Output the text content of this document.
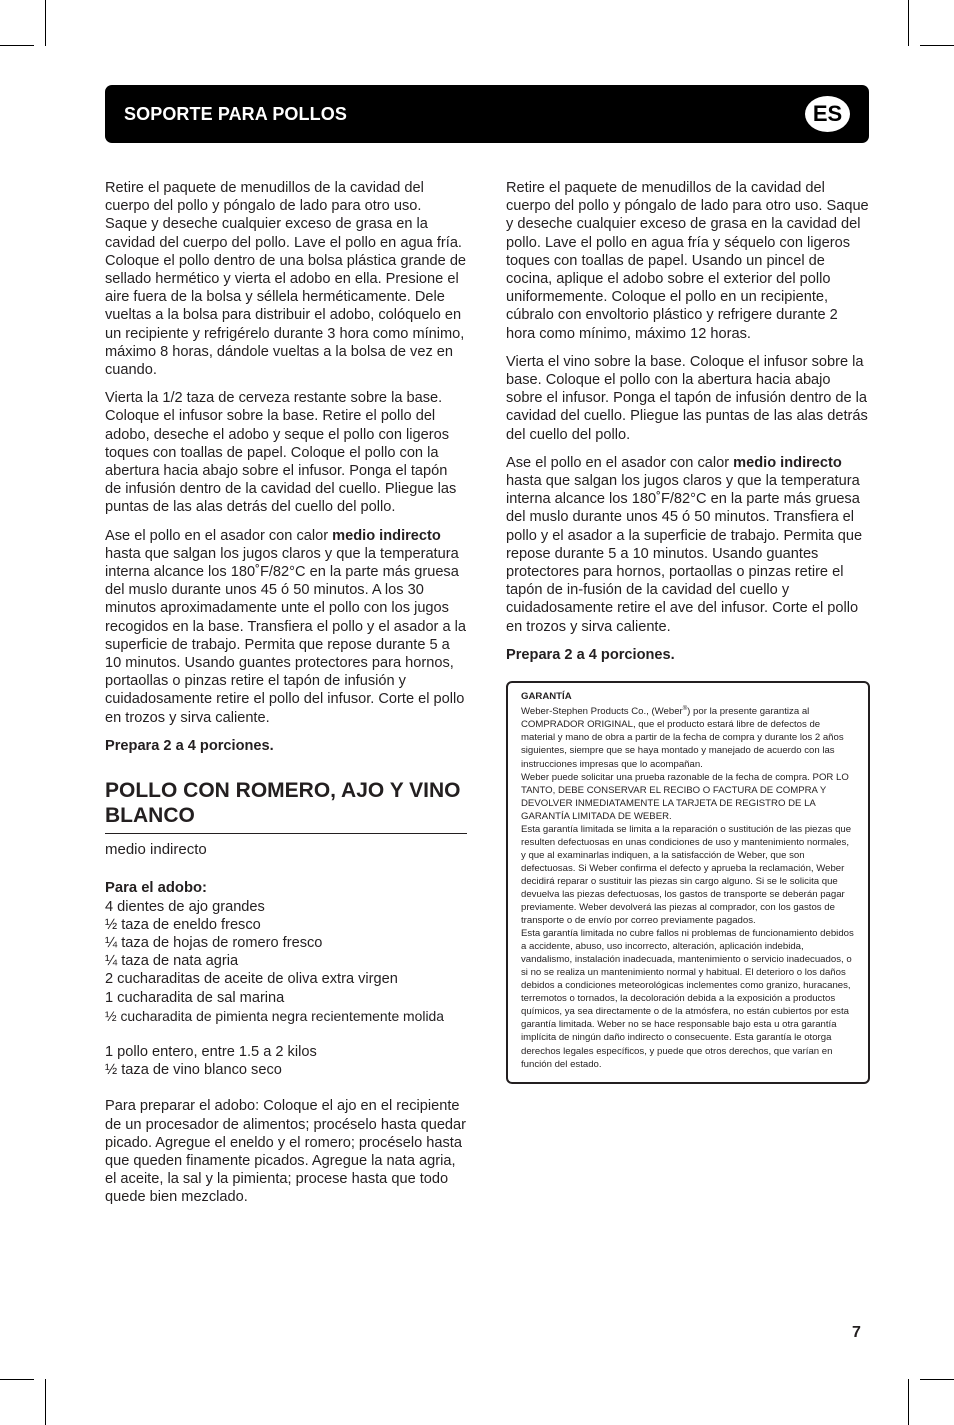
SOPORTE PARA POLLOS	ES

Retire el paquete de menudillos de la cavidad del cuerpo del pollo y póngalo de lado para otro uso. Saque y deseche cualquier exceso de grasa en la cavidad del cuerpo del pollo. Lave el pollo en agua fría. Coloque el pollo dentro de una bolsa plástica grande de sellado hermético y vierta el adobo en ella. Presione el aire fuera de la bolsa y séllela herméticamente. Dele vueltas a la bolsa para distribuir el adobo, colóquelo en un recipiente y refrigérelo durante 3 hora como mínimo, máximo 8 horas, dándole vueltas a la bolsa de vez en cuando.

Vierta la 1/2 taza de cerveza restante sobre la base. Coloque el infusor sobre la base. Retire el pollo del adobo, deseche el adobo y seque el pollo con ligeros toques con toallas de papel. Coloque el pollo con la abertura hacia abajo sobre el infusor. Ponga el tapón de infusión dentro de la cavidad del cuello. Pliegue las puntas de las alas detrás del cuello del pollo.

Ase el pollo en el asador con calor medio indirecto hasta que salgan los jugos claros y que la temperatura interna alcance los 180˚F/82°C en la parte más gruesa del muslo durante unos 45 ó 50 minutos. A los 30 minutos aproximadamente unte el pollo con los jugos recogidos en la base. Transfiera el pollo y el asador a la superficie de trabajo. Permita que repose durante 5 a 10 minutos. Usando guantes protectores para hornos, portaollas o pinzas retire el tapón de infusión y cuidadosamente retire el pollo del infusor. Corte el pollo en trozos y sirva caliente.

Prepara 2 a 4 porciones.

POLLO CON ROMERO, AJO Y VINO BLANCO
medio indirecto
Para el adobo:
4 dientes de ajo grandes
½ taza de eneldo fresco
¼ taza de hojas de romero fresco
¼ taza de nata agria
2 cucharaditas de aceite de oliva extra virgen
1 cucharadita de sal marina
½ cucharadita de pimienta negra recientemente molida
1 pollo entero, entre 1.5 a 2 kilos
½ taza de vino blanco seco

Para preparar el adobo: Coloque el ajo en el recipiente de un procesador de alimentos; procéselo hasta quedar picado. Agregue el eneldo y el romero; procéselo hasta que queden finamente picados. Agregue la nata agria, el aceite, la sal y la pimienta; procese hasta que todo quede bien mezclado.

Retire el paquete de menudillos de la cavidad del cuerpo del pollo y póngalo de lado para otro uso. Saque y deseche cualquier exceso de grasa en la cavidad del pollo. Lave el pollo en agua fría y séquelo con ligeros toques con toallas de papel. Usando un pincel de cocina, aplique el adobo sobre el exterior del pollo uniformemente. Coloque el pollo en un recipiente, cúbralo con envoltorio plástico y refrigere durante 2 hora como mínimo, máximo 12 horas.

Vierta el vino sobre la base. Coloque el infusor sobre la base. Coloque el pollo con la abertura hacia abajo sobre el infusor. Ponga el tapón de infusión dentro de la cavidad del cuello. Pliegue las puntas de las alas detrás del cuello del pollo.

Ase el pollo en el asador con calor medio indirecto hasta que salgan los jugos claros y que la temperatura interna alcance los 180˚F/82°C en la parte más gruesa del muslo durante unos 45 ó 50 minutos. Transfiera el pollo y el asador a la superficie de trabajo. Permita que repose durante 5 a 10 minutos. Usando guantes protectores para hornos, portaollas o pinzas retire el tapón de in-fusión de la cavidad del cuello y cuidadosamente retire el ave del infusor. Corte el pollo en trozos y sirva caliente.

Prepara 2 a 4 porciones.

GARANTÍA
Weber-Stephen Products Co., (Weber®) por la presente garantiza al COMPRADOR ORIGINAL, que el producto estará libre de defectos de material y mano de obra a partir de la fecha de compra y durante los 2 años siguientes, siempre que se haya montado y manejado de acuerdo con las instrucciones impresas que lo acompañan.
Weber puede solicitar una prueba razonable de la fecha de compra. POR LO TANTO, DEBE CONSERVAR EL RECIBO O FACTURA DE COMPRA Y DEVOLVER INMEDIATAMENTE LA TARJETA DE REGISTRO DE LA GARANTÍA LIMITADA DE WEBER.
Esta garantía limitada se limita a la reparación o sustitución de las piezas que resulten defectuosas en unas condiciones de uso y mantenimiento normales, y que al examinarlas indiquen, a la satisfacción de Weber, que son defectuosas. Si Weber confirma el defecto y aprueba la reclamación, Weber decidirá reparar o sustituir las piezas sin cargo alguno. Si se le solicita que devuelva las piezas defectuosas, los gastos de transporte se deberán pagar previamente. Weber devolverá las piezas al comprador, con los gastos de transporte o de envío por correo previamente pagados.
Esta garantía limitada no cubre fallos ni problemas de funcionamiento debidos a accidente, abuso, uso incorrecto, alteración, aplicación indebida, vandalismo, instalación inadecuada, mantenimiento o servicio inadecuados, o si no se realiza un mantenimiento normal y habitual. El deterioro o los daños debidos a condiciones meteorológicas inclementes como granizo, huracanes, terremotos o tornados, la decoloración debida a la exposición a productos químicos, ya sea directamente o de la atmósfera, no están cubiertos por esta garantía limitada. Weber no se hace responsable bajo esta u otra garantía implícita de ningún daño indirecto o consecuente. Esta garantía le otorga derechos legales específicos, y puede que otros derechos, que varían en función del estado.
7
